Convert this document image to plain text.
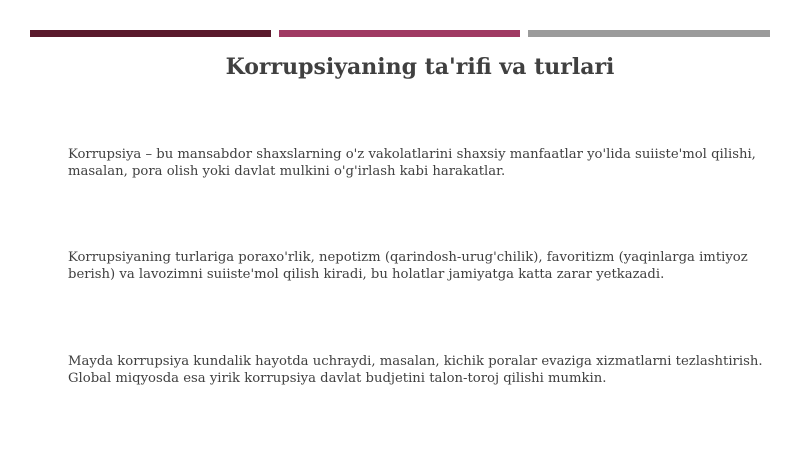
Korrupsiyaning ta'rifi va turlari

Korrupsiya – bu mansabdor shaxslarning o'z vakolatlarini shaxsiy manfaatlar yo'lida suiiste'mol qilishi, masalan, pora olish yoki davlat mulkini o'g'irlash kabi harakatlar.

Korrupsiyaning turlariga poraxo'rlik, nepotizm (qarindosh-urug'chilik), favoritizm (yaqinlarga imtiyoz berish) va lavozimni suiiste'mol qilish kiradi, bu holatlar jamiyatga katta zarar yetkazadi.

Mayda korrupsiya kundalik hayotda uchraydi, masalan, kichik poralar evaziga xizmatlarni tezlashtirish. Global miqyosda esa yirik korrupsiya davlat budjetini talon-toroj qilishi mumkin.
